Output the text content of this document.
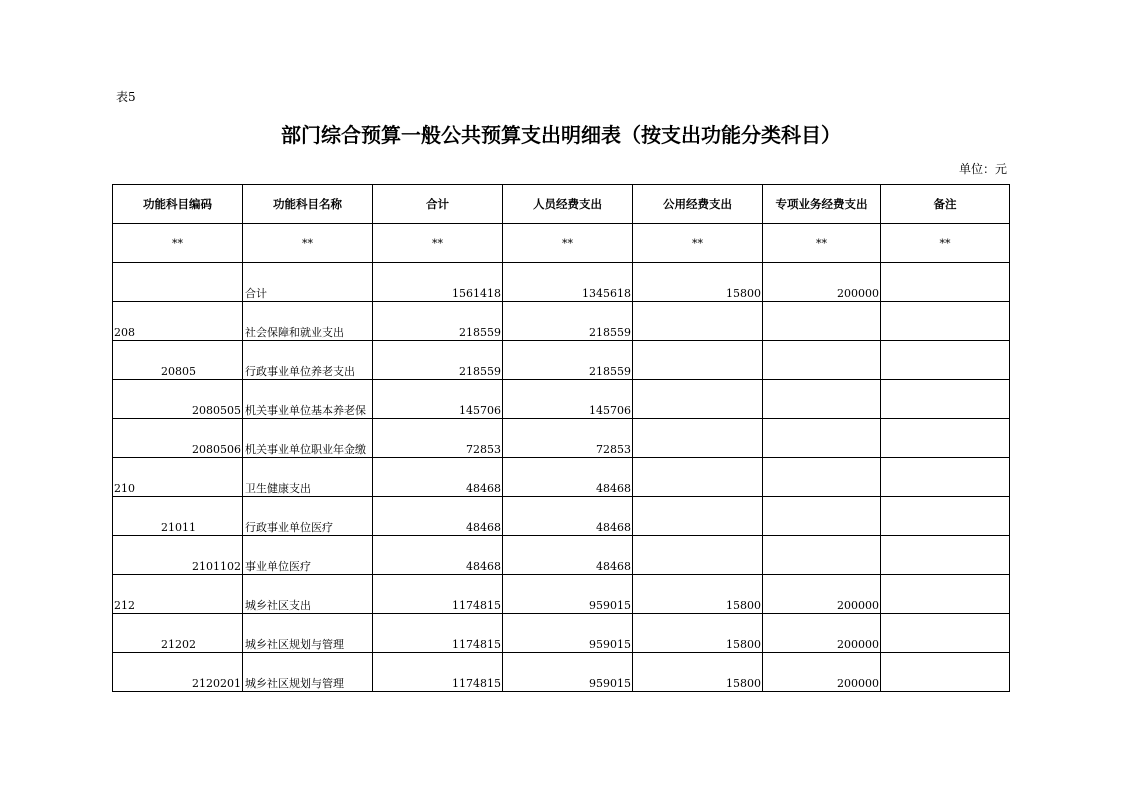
表5
部门综合预算一般公共预算支出明细表（按支出功能分类科目）
单位：元
功能科目编码	功能科目名称	合计	人员经费支出	公用经费支出	专项业务经费支出	备注
**	**	**	**	**	**	**
	合计	1561418	1345618	15800	200000	
208	社会保障和就业支出	218559	218559			
20805	行政事业单位养老支出	218559	218559			
2080505	机关事业单位基本养老保	145706	145706			
2080506	机关事业单位职业年金缴	72853	72853			
210	卫生健康支出	48468	48468			
21011	行政事业单位医疗	48468	48468			
2101102	事业单位医疗	48468	48468			
212	城乡社区支出	1174815	959015	15800	200000	
21202	城乡社区规划与管理	1174815	959015	15800	200000	
2120201	城乡社区规划与管理	1174815	959015	15800	200000	
